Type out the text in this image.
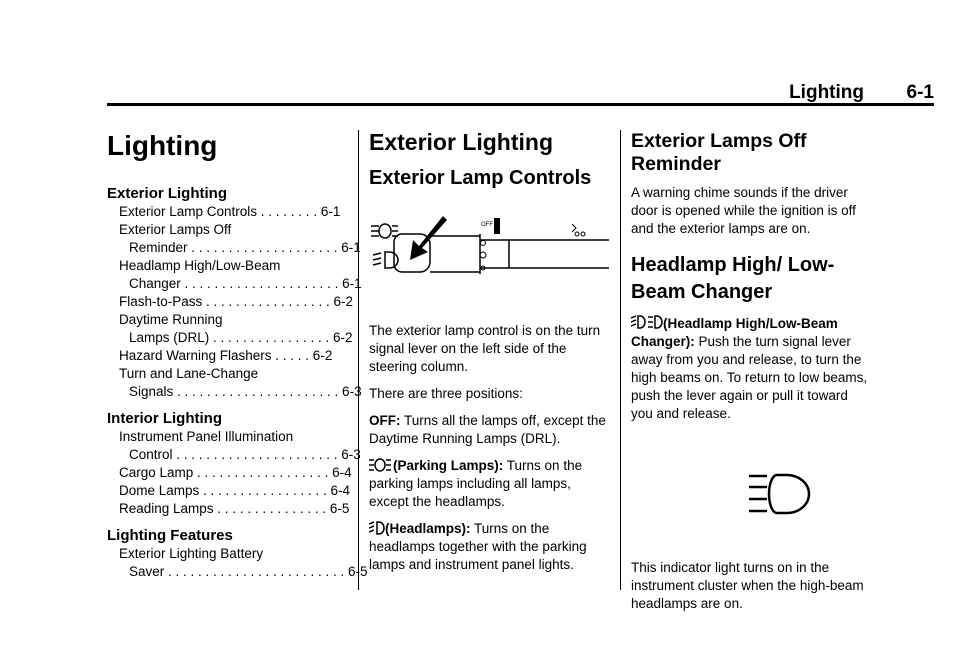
Lighting 6-1
Lighting
Exterior Lighting
Exterior Lamp Controls . . . . . . . . 6-1
Exterior Lamps Off
Reminder . . . . . . . . . . . . . . . . . . . . 6-1
Headlamp High/Low-Beam
Changer . . . . . . . . . . . . . . . . . . . . . 6-1
Flash-to-Pass . . . . . . . . . . . . . . . . . 6-2
Daytime Running
Lamps (DRL) . . . . . . . . . . . . . . . . 6-2
Hazard Warning Flashers . . . . . 6-2
Turn and Lane-Change
Signals . . . . . . . . . . . . . . . . . . . . . . 6-3
Interior Lighting
Instrument Panel Illumination
Control . . . . . . . . . . . . . . . . . . . . . . 6-3
Cargo Lamp . . . . . . . . . . . . . . . . . . 6-4
Dome Lamps . . . . . . . . . . . . . . . . . 6-4
Reading Lamps . . . . . . . . . . . . . . . 6-5
Lighting Features
Exterior Lighting Battery
Saver . . . . . . . . . . . . . . . . . . . . . . . . 6-5
Exterior Lighting
Exterior Lamp Controls
OFF

The exterior lamp control is on the turn signal lever on the left side of the steering column.

There are three positions:

OFF: Turns all the lamps off, except the Daytime Running Lamps (DRL).

(Parking Lamps): Turns on the parking lamps including all lamps, except the headlamps.

(Headlamps): Turns on the headlamps together with the parking lamps and instrument panel lights.

Exterior Lamps Off Reminder

A warning chime sounds if the driver door is opened while the ignition is off and the exterior lamps are on.

Headlamp High/ Low-Beam Changer

(Headlamp High/Low-Beam Changer): Push the turn signal lever away from you and release, to turn the high beams on. To return to low beams, push the lever again or pull it toward you and release.

This indicator light turns on in the instrument cluster when the high-beam headlamps are on.
